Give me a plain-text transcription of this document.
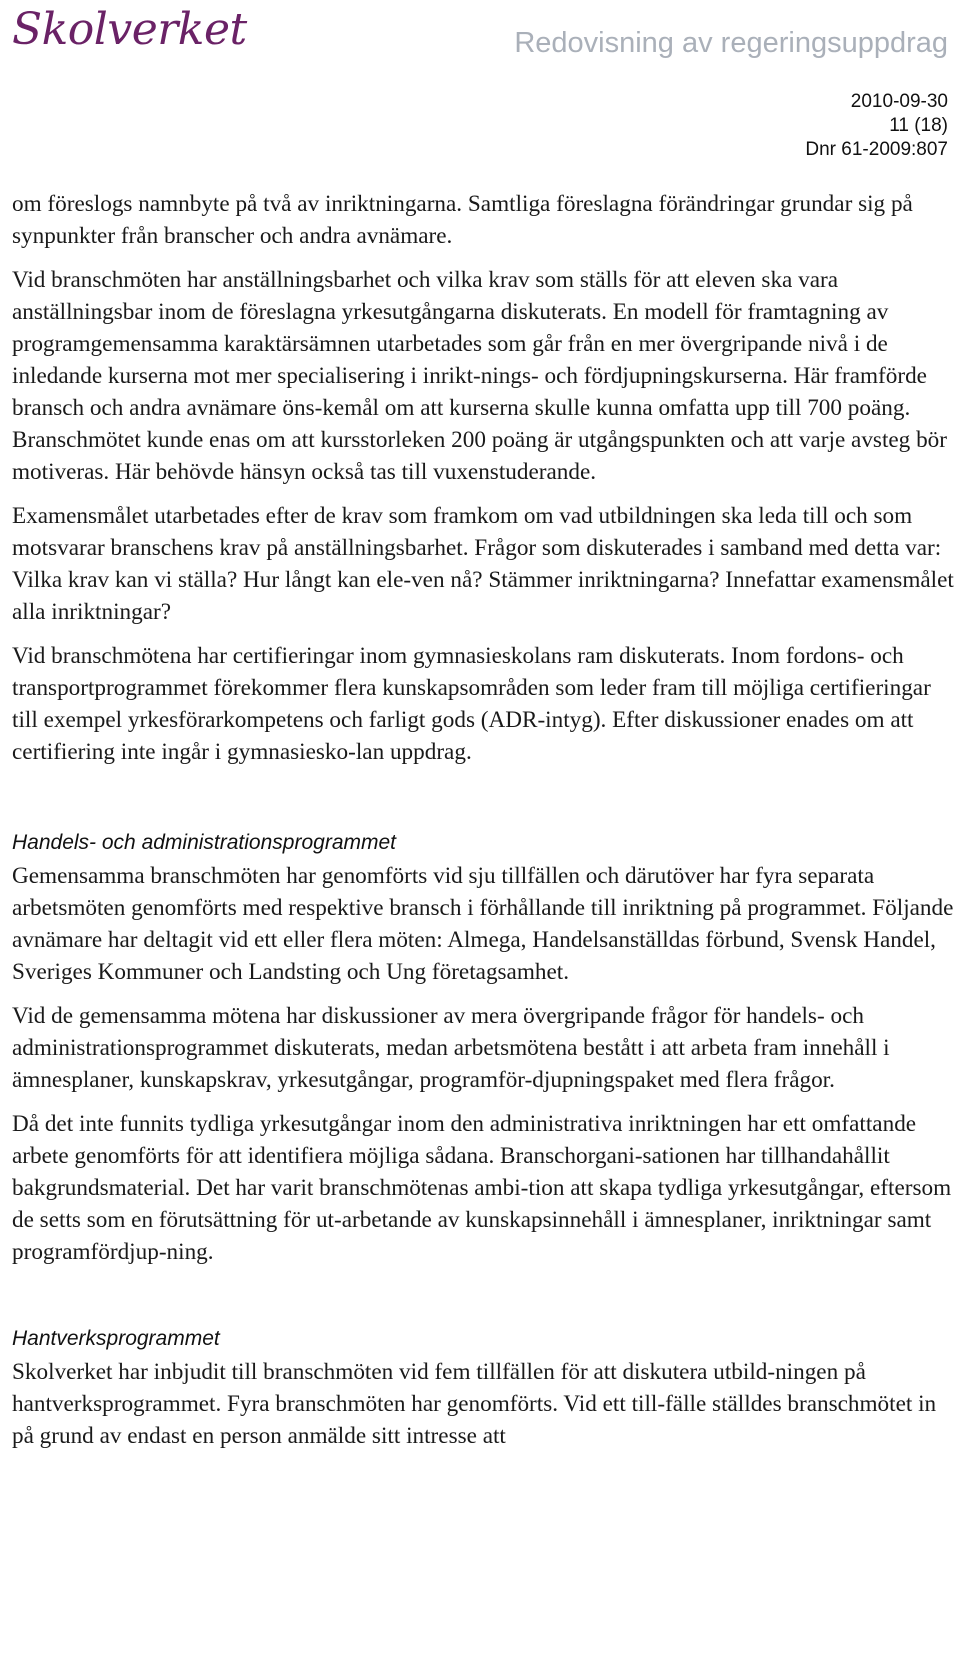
Skolverket	Redovisning av regeringsuppdrag
2010-09-30
11 (18)
Dnr 61-2009:807

om föreslogs namnbyte på två av inriktningarna. Samtliga föreslagna förändringar grundar sig på synpunkter från branscher och andra avnämare.

Vid branschmöten har anställningsbarhet och vilka krav som ställs för att eleven ska vara anställningsbar inom de föreslagna yrkesutgångarna diskuterats. En modell för framtagning av programgemensamma karaktärsämnen utarbetades som går från en mer övergripande nivå i de inledande kurserna mot mer specialisering i inrikt-nings- och fördjupningskurserna. Här framförde bransch och andra avnämare öns-kemål om att kurserna skulle kunna omfatta upp till 700 poäng. Branschmötet kunde enas om att kursstorleken 200 poäng är utgångspunkten och att varje avsteg bör motiveras. Här behövde hänsyn också tas till vuxenstuderande.

Examensmålet utarbetades efter de krav som framkom om vad utbildningen ska leda till och som motsvarar branschens krav på anställningsbarhet. Frågor som diskuterades i samband med detta var: Vilka krav kan vi ställa? Hur långt kan ele-ven nå? Stämmer inriktningarna? Innefattar examensmålet alla inriktningar?

Vid branschmötena har certifieringar inom gymnasieskolans ram diskuterats. Inom fordons- och transportprogrammet förekommer flera kunskapsområden som leder fram till möjliga certifieringar till exempel yrkesförarkompetens och farligt gods (ADR-intyg). Efter diskussioner enades om att certifiering inte ingår i gymnasiesko-lan uppdrag.

Handels- och administrationsprogrammet

Gemensamma branschmöten har genomförts vid sju tillfällen och därutöver har fyra separata arbetsmöten genomförts med respektive bransch i förhållande till inriktning på programmet. Följande avnämare har deltagit vid ett eller flera möten: Almega, Handelsanställdas förbund, Svensk Handel, Sveriges Kommuner och Landsting och Ung företagsamhet.

Vid de gemensamma mötena har diskussioner av mera övergripande frågor för handels- och administrationsprogrammet diskuterats, medan arbetsmötena bestått i att arbeta fram innehåll i ämnesplaner, kunskapskrav, yrkesutgångar, programför-djupningspaket med flera frågor.

Då det inte funnits tydliga yrkesutgångar inom den administrativa inriktningen har ett omfattande arbete genomförts för att identifiera möjliga sådana. Branschorgani-sationen har tillhandahållit bakgrundsmaterial. Det har varit branschmötenas ambi-tion att skapa tydliga yrkesutgångar, eftersom de setts som en förutsättning för ut-arbetande av kunskapsinnehåll i ämnesplaner, inriktningar samt programfördjup-ning.

Hantverksprogrammet

Skolverket har inbjudit till branschmöten vid fem tillfällen för att diskutera utbild-ningen på hantverksprogrammet. Fyra branschmöten har genomförts. Vid ett till-fälle ställdes branschmötet in på grund av endast en person anmälde sitt intresse att
